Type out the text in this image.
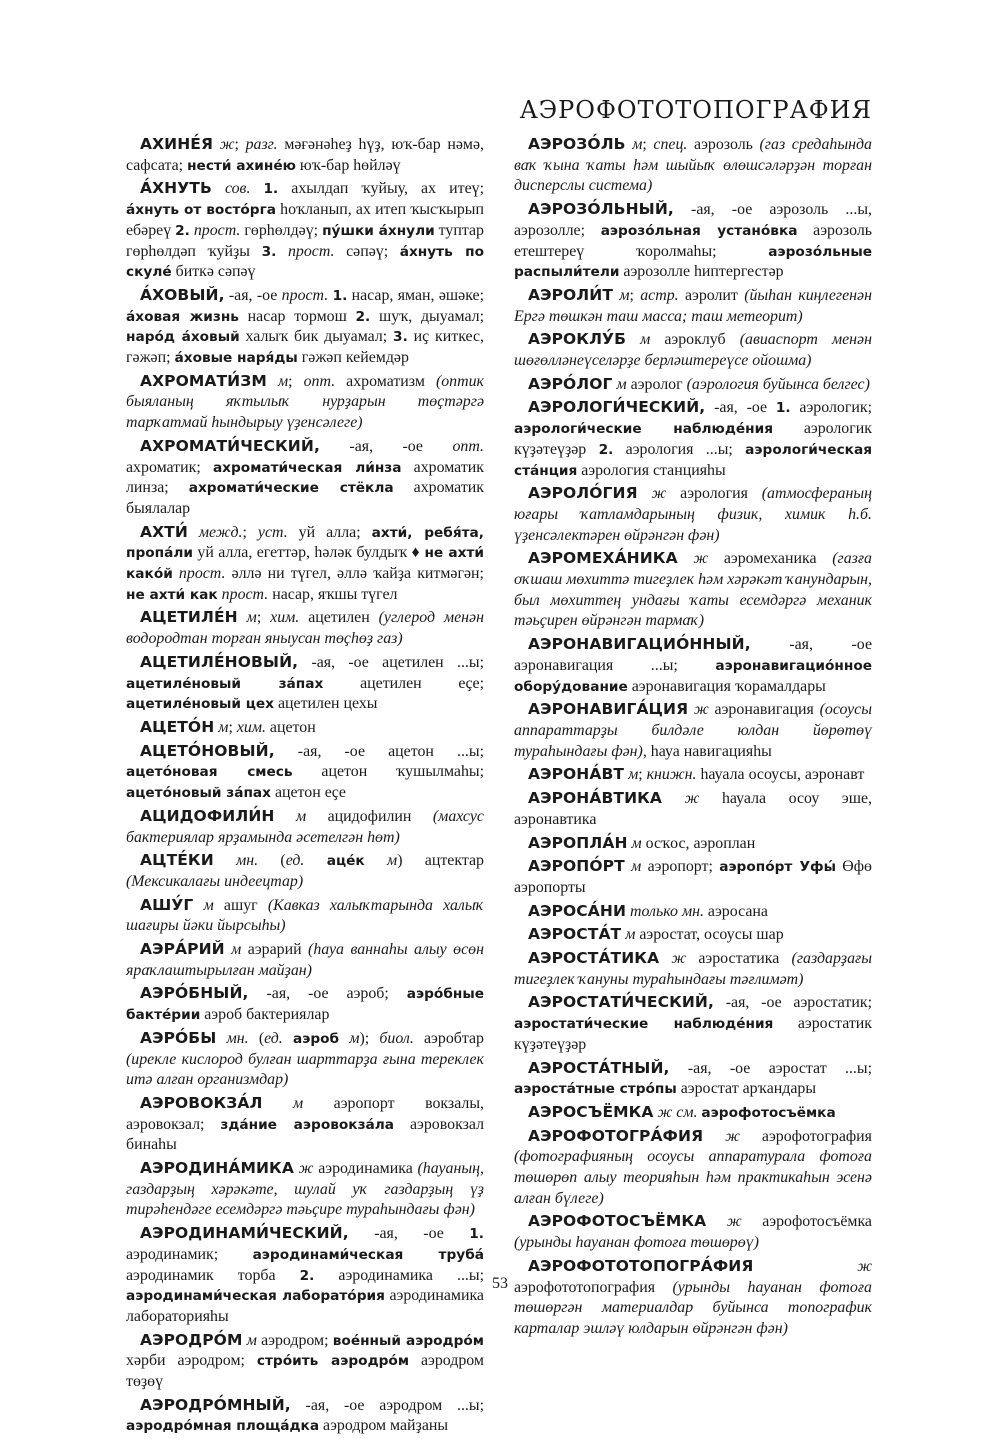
АЭРОФОТОТОПОГРАФИЯ

АХИНЕ́Я ж; разг. мәғәнәһеҙ һүҙ, юҡ-бар нәмә, сафсата; нести́ ахине́ю юҡ-бар һөйләү

А́ХНУТЬ сов. 1. ахылдап ҡуйыу, ах итеү; а́хнуть от восто́рга һоҡланып, ах итеп ҡысҡырып ебәреү 2. прост. гөрһөлдәү; пу́шки а́хнули туптар гөрһөлдәп ҡуйҙы 3. прост. сәпәү; а́хнуть по скуле́ биткә сәпәү

А́ХОВЫЙ, -ая, -ое прост. 1. насар, яман, әшәке; а́ховая жизнь насар тормош 2. шуҡ, дыуамал; наро́д а́ховый халыҡ бик дыуамал; 3. иҫ киткес, гәжәп; а́ховые наря́ды гәжәп кейемдәр

АХРОМАТИ́ЗМ м; опт. ахроматизм (оптик быяланың яҡтылыҡ нурҙарын төҫтәргә тарҡатмай һындырыу үҙенсәлеге)

АХРОМАТИ́ЧЕСКИЙ, -ая, -ое опт. ахроматик; ахромати́ческая ли́нза ахроматик линза; ахромати́ческие стёкла ахроматик быялалар

АХТИ́ межд.; уст. уй алла; ахти́, ребя́та, пропа́ли уй алла, егеттәр, һәләк булдыҡ ♦ не ахти́ како́й прост. әллә ни түгел, әллә ҡайҙа китмәгән; не ахти́ как прост. насар, яҡшы түгел

АЦЕТИЛЕ́Н м; хим. ацетилен (углерод менән водородтан торған яныусан төҫһөҙ газ)

АЦЕТИЛЕ́НОВЫЙ, -ая, -ое ацетилен ...ы; ацетиле́новый за́пах ацетилен еҫе; ацетиле́новый цех ацетилен цехы

АЦЕТО́Н м; хим. ацетон

АЦЕТО́НОВЫЙ, -ая, -ое ацетон ...ы; ацето́новая смесь ацетон ҡушылмаһы; ацето́новый за́пах ацетон еҫе

АЦИДОФИЛИ́Н м ацидофилин (махсус бактериялар ярҙамында әсетелгән һөт)

АЦТЕ́КИ мн. (ед. аце́к м) ацтектар (Мексикалағы индеецтар)

АШУ́Г м ашуг (Кавказ халыҡтарында халыҡ шағиры йәки йырсыһы)

АЭРА́РИЙ м аэрарий (һауа ваннаһы алыу өсөн яраҡлаштырылған майҙан)

АЭРО́БНЫЙ, -ая, -ое аэроб; аэро́бные бакте́рии аэроб бактериялар

АЭРО́БЫ мн. (ед. аэроб м); биол. аэробтар (ирекле кислород булған шарттарҙа ғына тереклек итә алған организмдар)

АЭРОВОКЗА́Л м аэропорт вокзалы, аэровокзал; зда́ние аэровокза́ла аэровокзал бинаһы

АЭРОДИНА́МИКА ж аэродинамика (һауаның, газдарҙың хәрәкәте, шулай уҡ газдарҙың үҙ тирәһендәге есемдәргә тәьҫире тураһындағы фән)

АЭРОДИНАМИ́ЧЕСКИЙ, -ая, -ое 1. аэродинамик; аэродинами́ческая труба́ аэродинамик торба 2. аэродинамика ...ы; аэродинами́ческая лаборато́рия аэродинамика лабораторияһы

АЭРОДРО́М м аэродром; вое́нный аэродро́м хәрби аэродром; стро́ить аэродро́м аэродром төҙөү

АЭРОДРО́МНЫЙ, -ая, -ое аэродром ...ы; аэродро́мная площа́дка аэродром майҙаны

АЭРОЗО́ЛЬ м; спец. аэрозоль (газ средаһында ваҡ ҡына ҡаты һәм шыйыҡ өлөшсәләрҙән торған дисперслы система)

АЭРОЗО́ЛЬНЫЙ, -ая, -ое аэрозоль ...ы, аэрозолле; аэрозо́льная устано́вка аэрозоль етештереү ҡоролмаһы; аэрозо́льные распыли́тели аэрозолле һиптергестәр

АЭРОЛИ́Т м; астр. аэролит (йыһан киңлегенән Ергә төшкән таш масса; таш метеорит)

АЭРОКЛУ́Б м аэроклуб (авиаспорт менән шөғөлләнеүселәрҙе берләштереүсе ойошма)

АЭРО́ЛОГ м аэролог (аэрология буйынса белгес)

АЭРОЛОГИ́ЧЕСКИЙ, -ая, -ое 1. аэрологик; аэрологи́ческие наблюде́ния аэрологик күҙәтеүҙәр 2. аэрология ...ы; аэрологи́ческая ста́нция аэрология станцияһы

АЭРОЛО́ГИЯ ж аэрология (атмосфераның юғары ҡатламдарының физик, химик һ.б. үҙенсәлектәрен өйрәнгән фән)

АЭРОМЕХА́НИКА ж аэромеханика (газға оҡшаш мөхиттә тигеҙлек һәм хәрәкәт ҡанундарын, был мөхиттең ундағы ҡаты есемдәргә механик тәьҫирен өйрәнгән тармаҡ)

АЭРОНАВИГАЦИО́ННЫЙ, -ая, -ое аэронавигация ...ы; аэронавигацио́нное обору́дование аэронавигация ҡорамалдары

АЭРОНАВИГА́ЦИЯ ж аэронавигация (осоусы аппараттарҙы билдәле юлдан йөрөтөү тураһындағы фән), һауа навигацияһы

АЭРОНА́ВТ м; книжн. һауала осоусы, аэронавт

АЭРОНА́ВТИКА ж һауала осоу эше, аэронавтика

АЭРОПЛА́Н м осҡос, аэроплан

АЭРОПО́РТ м аэропорт; аэропо́рт Уфы́ Өфө аэропорты

АЭРОСА́НИ только мн. аэросана

АЭРОСТА́Т м аэростат, осоусы шар

АЭРОСТА́ТИКА ж аэростатика (газдарҙағы тигеҙлек ҡануны тураһындағы тәғлимәт)

АЭРОСТАТИ́ЧЕСКИЙ, -ая, -ое аэростатик; аэростати́ческие наблюде́ния аэростатик күҙәтеүҙәр

АЭРОСТА́ТНЫЙ, -ая, -ое аэростат ...ы; аэроста́тные стро́пы аэростат арҡандары

АЭРОСЪЁМКА ж см. аэрофотосъёмка

АЭРОФОТОГРА́ФИЯ ж аэрофотография (фотографияның осоусы аппаратурала фотоға төшөрөп алыу теорияһын һәм практикаһын эсенә алған бүлеге)

АЭРОФОТОСЪЁМКА ж аэрофотосъёмка (урынды һауанан фотоға төшөрөү)

АЭРОФОТОТОПОГРА́ФИЯ	ж аэрофототопография (урынды һауанан фотоға төшөргән материалдар буйынса топографик карталар эшләү юлдарын өйрәнгән фән)

53
